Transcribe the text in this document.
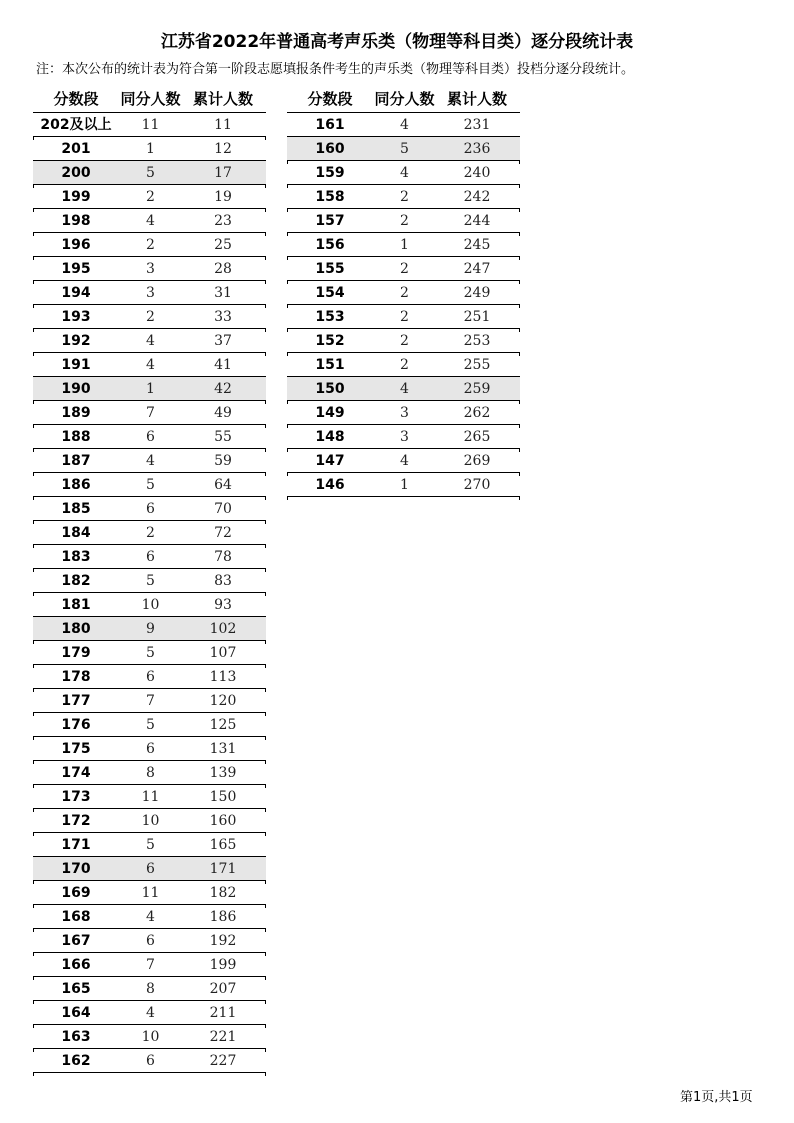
江苏省2022年普通高考声乐类（物理等科目类）逐分段统计表
注：本次公布的统计表为符合第一阶段志愿填报条件考生的声乐类（物理等科目类）投档分逐分段统计。
分数段	同分人数 累计人数
202及以上	11	11
201	1	12
200	5	17
199	2	19
198	4	23
196	2	25
195	3	28
194	3	31
193	2	33
192	4	37
191	4	41
190	1	42
189	7	49
188	6	55
187	4	59
186	5	64
185	6	70
184	2	72
183	6	78
182	5	83
181	10	93
180	9	102
179	5	107
178	6	113
177	7	120
176	5	125
175	6	131
174	8	139
173	11	150
172	10	160
171	5	165
170	6	171
169	11	182
168	4	186
167	6	192
166	7	199
165	8	207
164	4	211
163	10	221
162	6	227
分数段	同分人数 累计人数
161	4	231
160	5	236
159	4	240
158	2	242
157	2	244
156	1	245
155	2	247
154	2	249
153	2	251
152	2	253
151	2	255
150	4	259
149	3	262
148	3	265
147	4	269
146	1	270
第1页,共1页
